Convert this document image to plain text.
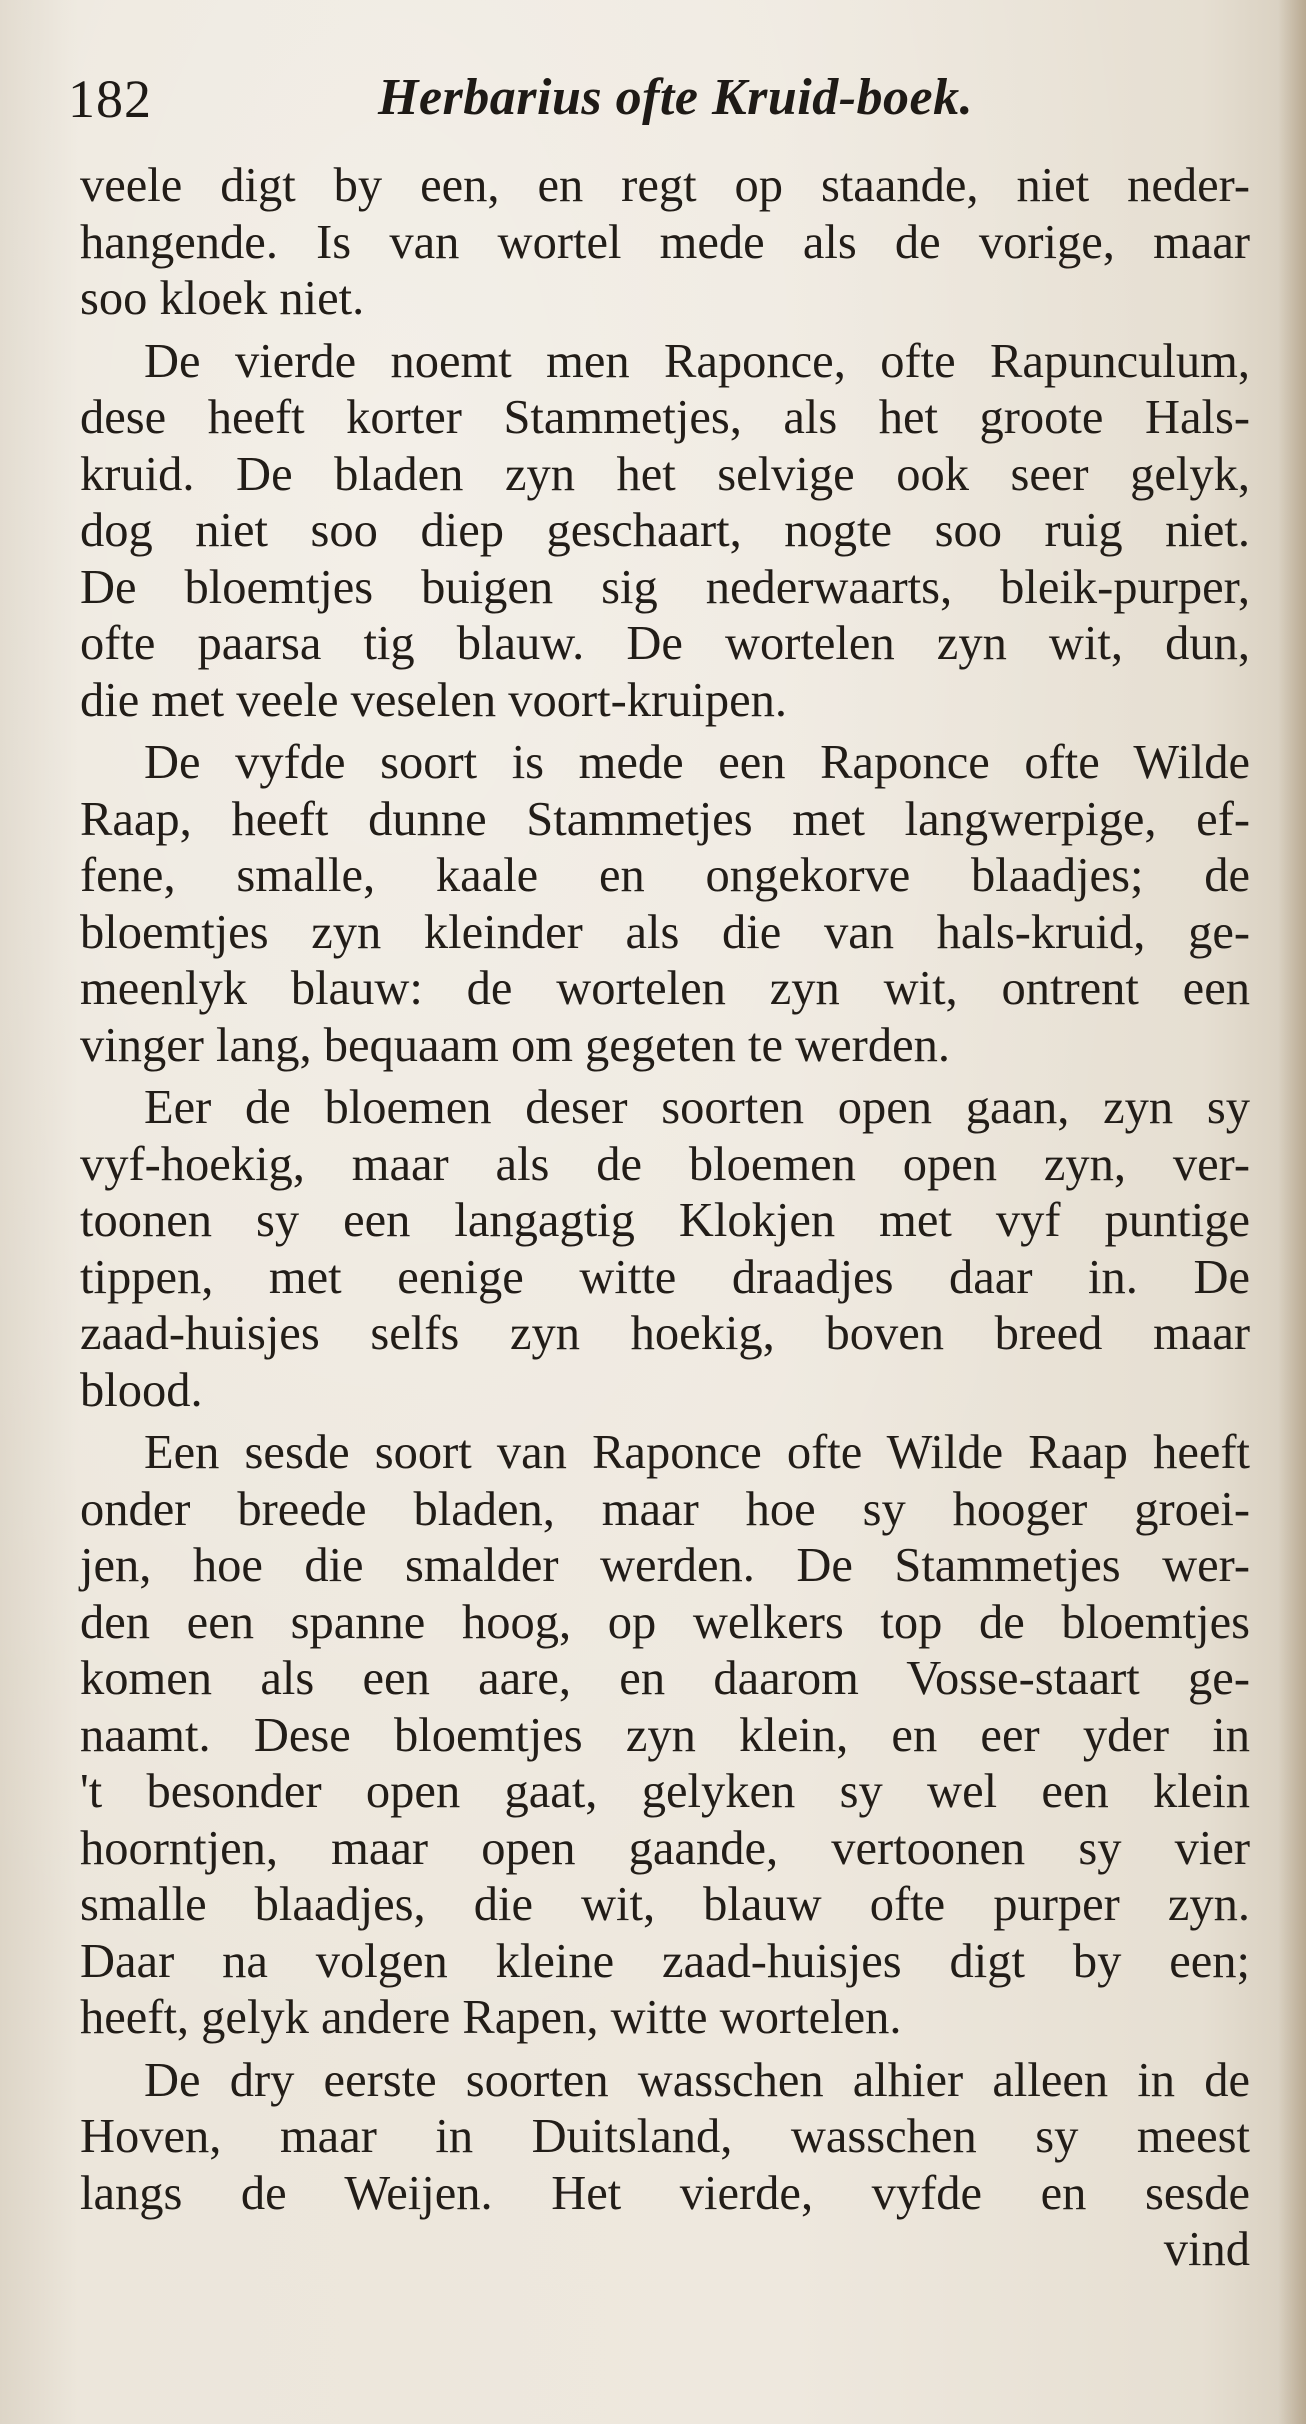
182	Herbarius ofte Kruid-boek.
veele digt by een, en regt op staande, niet neder-
hangende. Is van wortel mede als de vorige, maar
soo kloek niet.
De vierde noemt men Raponce, ofte Rapunculum,
dese heeft korter Stammetjes, als het groote Hals-
kruid. De bladen zyn het selvige ook seer gelyk,
dog niet soo diep geschaart, nogte soo ruig niet.
De bloemtjes buigen sig nederwaarts, bleik-purper,
ofte paarsa tig blauw. De wortelen zyn wit, dun,
die met veele veselen voort-kruipen.
De vyfde soort is mede een Raponce ofte Wilde
Raap, heeft dunne Stammetjes met langwerpige, ef-
fene, smalle, kaale en ongekorve blaadjes; de
bloemtjes zyn kleinder als die van hals-kruid, ge-
meenlyk blauw: de wortelen zyn wit, ontrent een
vinger lang, bequaam om gegeten te werden.
Eer de bloemen deser soorten open gaan, zyn sy
vyf-hoekig, maar als de bloemen open zyn, ver-
toonen sy een langagtig Klokjen met vyf puntige
tippen, met eenige witte draadjes daar in. De
zaad-huisjes selfs zyn hoekig, boven breed maar
blood.
Een sesde soort van Raponce ofte Wilde Raap heeft
onder breede bladen, maar hoe sy hooger groei-
jen, hoe die smalder werden. De Stammetjes wer-
den een spanne hoog, op welkers top de bloemtjes
komen als een aare, en daarom Vosse-staart ge-
naamt. Dese bloemtjes zyn klein, en eer yder in
't besonder open gaat, gelyken sy wel een klein
hoorntjen, maar open gaande, vertoonen sy vier
smalle blaadjes, die wit, blauw ofte purper zyn.
Daar na volgen kleine zaad-huisjes digt by een;
heeft, gelyk andere Rapen, witte wortelen.
De dry eerste soorten wasschen alhier alleen in de
Hoven, maar in Duitsland, wasschen sy meest
langs de Weijen. Het vierde, vyfde en sesde
vind
